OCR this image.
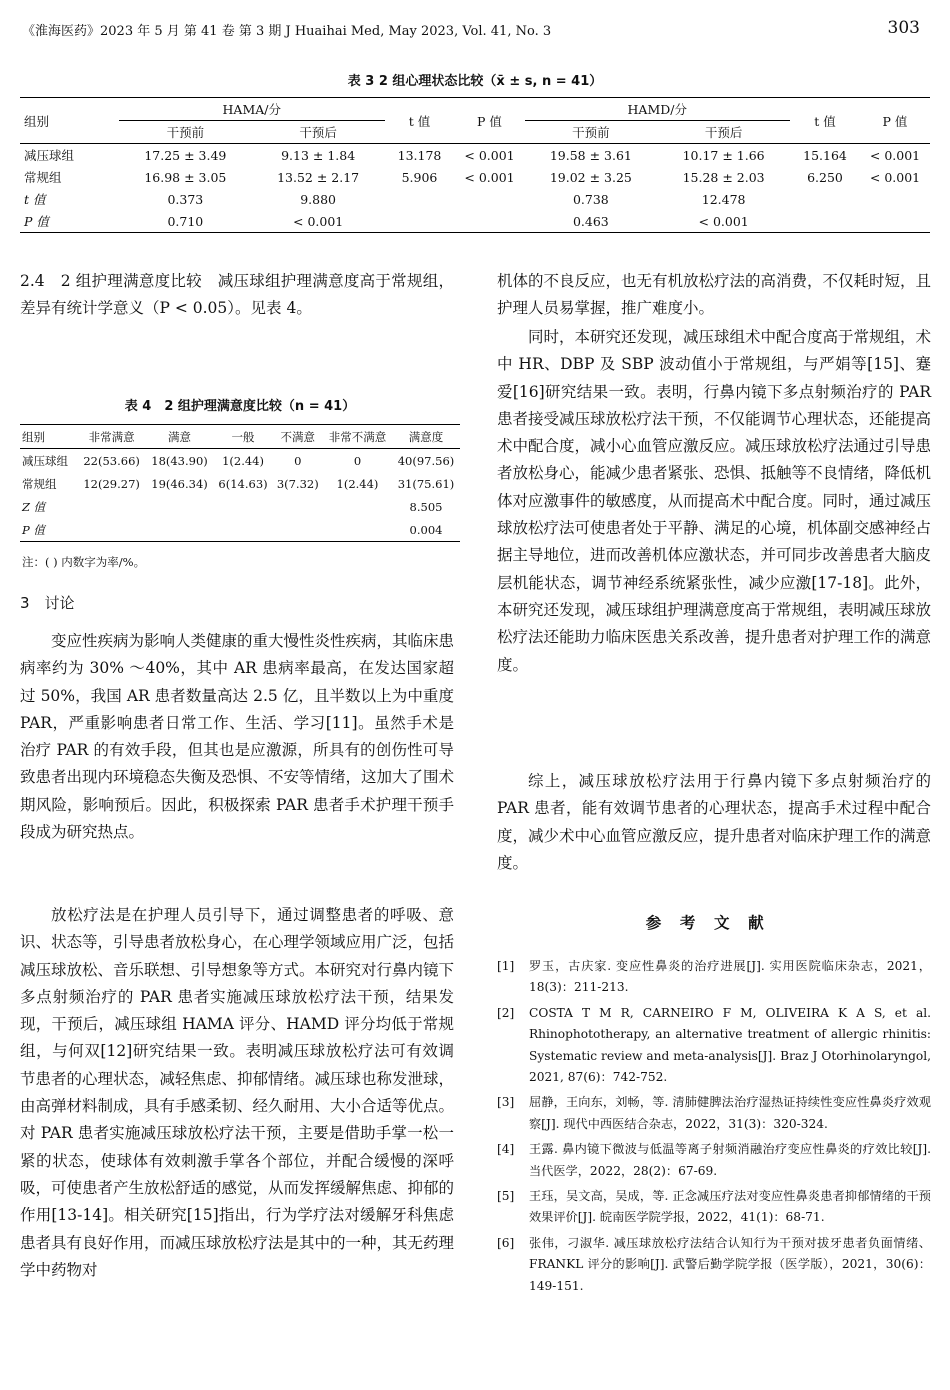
《淮海医药》2023 年 5 月 第 41 卷 第 3 期 J Huaihai Med, May 2023, Vol. 41, No. 3	303
表 3 2 组心理状态比较（x̄ ± s, n = 41）
组别	HAMA/分		t 值	P 值	HAMD/分		t 值	P 值
	干预前	干预后			干预前	干预后		
减压球组	17.25 ± 3.49	9.13 ± 1.84	13.178	< 0.001	19.58 ± 3.61	10.17 ± 1.66	15.164	< 0.001
常规组	16.98 ± 3.05	13.52 ± 2.17	5.906	< 0.001	19.02 ± 3.25	15.28 ± 2.03	6.250	< 0.001
t 值	0.373	9.880			0.738	12.478		
P 值	0.710	< 0.001			0.463	< 0.001		
2.4　2 组护理满意度比较　减压球组护理满意度高于常规组，差异有统计学意义（P < 0.05）。见表 4。
表 4　2 组护理满意度比较（n = 41）
组别	非常满意	满意	一般	不满意	非常不满意	满意度
减压球组	22(53.66)	18(43.90)	1(2.44)	0	0	40(97.56)
常规组	12(29.27)	19(46.34)	6(14.63)	3(7.32)	1(2.44)	31(75.61)
Z 值						8.505
P 值						0.004
注：( ) 内数字为率/%。
3　讨论
变应性疾病为影响人类健康的重大慢性炎性疾病，其临床患病率约为 30% ～40%，其中 AR 患病率最高，在发达国家超过 50%，我国 AR 患者数量高达 2.5 亿，且半数以上为中重度 PAR，严重影响患者日常工作、生活、学习[11]。虽然手术是治疗 PAR 的有效手段，但其也是应激源，所具有的创伤性可导致患者出现内环境稳态失衡及恐惧、不安等情绪，这加大了围术期风险，影响预后。因此，积极探索 PAR 患者手术护理干预手段成为研究热点。
放松疗法是在护理人员引导下，通过调整患者的呼吸、意识、状态等，引导患者放松身心，在心理学领域应用广泛，包括减压球放松、音乐联想、引导想象等方式。本研究对行鼻内镜下多点射频治疗的 PAR 患者实施减压球放松疗法干预，结果发现，干预后，减压球组 HAMA 评分、HAMD 评分均低于常规组，与何双[12]研究结果一致。表明减压球放松疗法可有效调节患者的心理状态，减轻焦虑、抑郁情绪。减压球也称发泄球，由高弹材料制成，具有手感柔韧、经久耐用、大小合适等优点。对 PAR 患者实施减压球放松疗法干预，主要是借助手掌一松一紧的状态，使球体有效刺激手掌各个部位，并配合缓慢的深呼吸，可使患者产生放松舒适的感觉，从而发挥缓解焦虑、抑郁的作用[13-14]。相关研究[15]指出，行为学疗法对缓解牙科焦虑患者具有良好作用，而减压球放松疗法是其中的一种，其无药理学中药物对
机体的不良反应，也无有机放松疗法的高消费，不仅耗时短，且护理人员易掌握，推广难度小。
同时，本研究还发现，减压球组术中配合度高于常规组，术中 HR、DBP 及 SBP 波动值小于常规组，与严娟等[15]、蹇爱[16]研究结果一致。表明，行鼻内镜下多点射频治疗的 PAR 患者接受减压球放松疗法干预，不仅能调节心理状态，还能提高术中配合度，减小心血管应激反应。减压球放松疗法通过引导患者放松身心，能减少患者紧张、恐惧、抵触等不良情绪，降低机体对应激事件的敏感度，从而提高术中配合度。同时，通过减压球放松疗法可使患者处于平静、满足的心境，机体副交感神经占据主导地位，进而改善机体应激状态，并可同步改善患者大脑皮层机能状态，调节神经系统紧张性，减少应激[17-18]。此外，本研究还发现，减压球组护理满意度高于常规组，表明减压球放松疗法还能助力临床医患关系改善，提升患者对护理工作的满意度。
综上，减压球放松疗法用于行鼻内镜下多点射频治疗的 PAR 患者，能有效调节患者的心理状态，提高手术过程中配合度，减少术中心血管应激反应，提升患者对临床护理工作的满意度。
参考文献
[1]	罗玉，古庆家. 变应性鼻炎的治疗进展[J]. 实用医院临床杂志，2021，18(3)：211-213.
[2]	COSTA T M R, CARNEIRO F M, OLIVEIRA K A S, et al. Rhinophototherapy, an alternative treatment of allergic rhinitis: Systematic review and meta-analysis[J]. Braz J Otorhinolaryngol, 2021, 87(6)：742-752.
[3]	屈静，王向东，刘畅，等. 清肺健脾法治疗湿热证持续性变应性鼻炎疗效观察[J]. 现代中西医结合杂志，2022，31(3)：320-324.
[4]	王露. 鼻内镜下微波与低温等离子射频消融治疗变应性鼻炎的疗效比较[J]. 当代医学，2022，28(2)：67-69.
[5]	王珏，吴文高，吴成，等. 正念减压疗法对变应性鼻炎患者抑郁情绪的干预效果评价[J]. 皖南医学院学报，2022，41(1)：68-71.
[6]	张伟，刁淑华. 减压球放松疗法结合认知行为干预对拔牙患者负面情绪、FRANKL 评分的影响[J]. 武警后勤学院学报（医学版），2021，30(6)：149-151.
